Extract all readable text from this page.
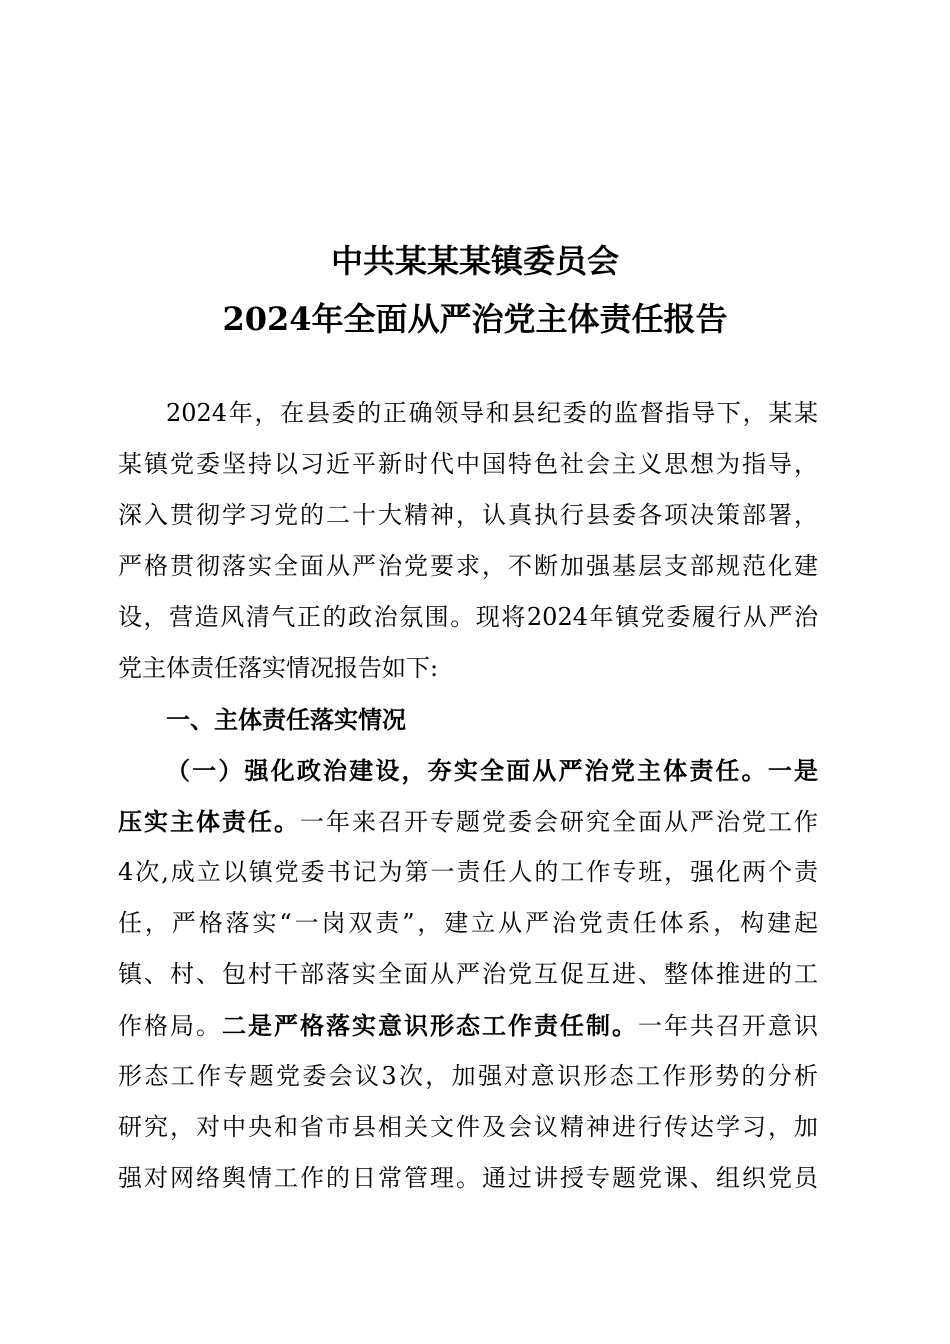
中共某某某镇委员会
2024年全面从严治党主体责任报告
2024年，在县委的正确领导和县纪委的监督指导下，某某
某镇党委坚持以习近平新时代中国特色社会主义思想为指导，
深入贯彻学习党的二十大精神，认真执行县委各项决策部署，
严格贯彻落实全面从严治党要求，不断加强基层支部规范化建
设，营造风清气正的政治氛围。现将2024年镇党委履行从严治
党主体责任落实情况报告如下:
一、主体责任落实情况
（一）强化政治建设，夯实全面从严治党主体责任。一是
压实主体责任。一年来召开专题党委会研究全面从严治党工作
4次,成立以镇党委书记为第一责任人的工作专班，强化两个责
任，严格落实“一岗双责”，建立从严治党责任体系，构建起
镇、村、包村干部落实全面从严治党互促互进、整体推进的工
作格局。二是严格落实意识形态工作责任制。一年共召开意识
形态工作专题党委会议3次，加强对意识形态工作形势的分析
研究，对中央和省市县相关文件及会议精神进行传达学习，加
强对网络舆情工作的日常管理。通过讲授专题党课、组织党员
